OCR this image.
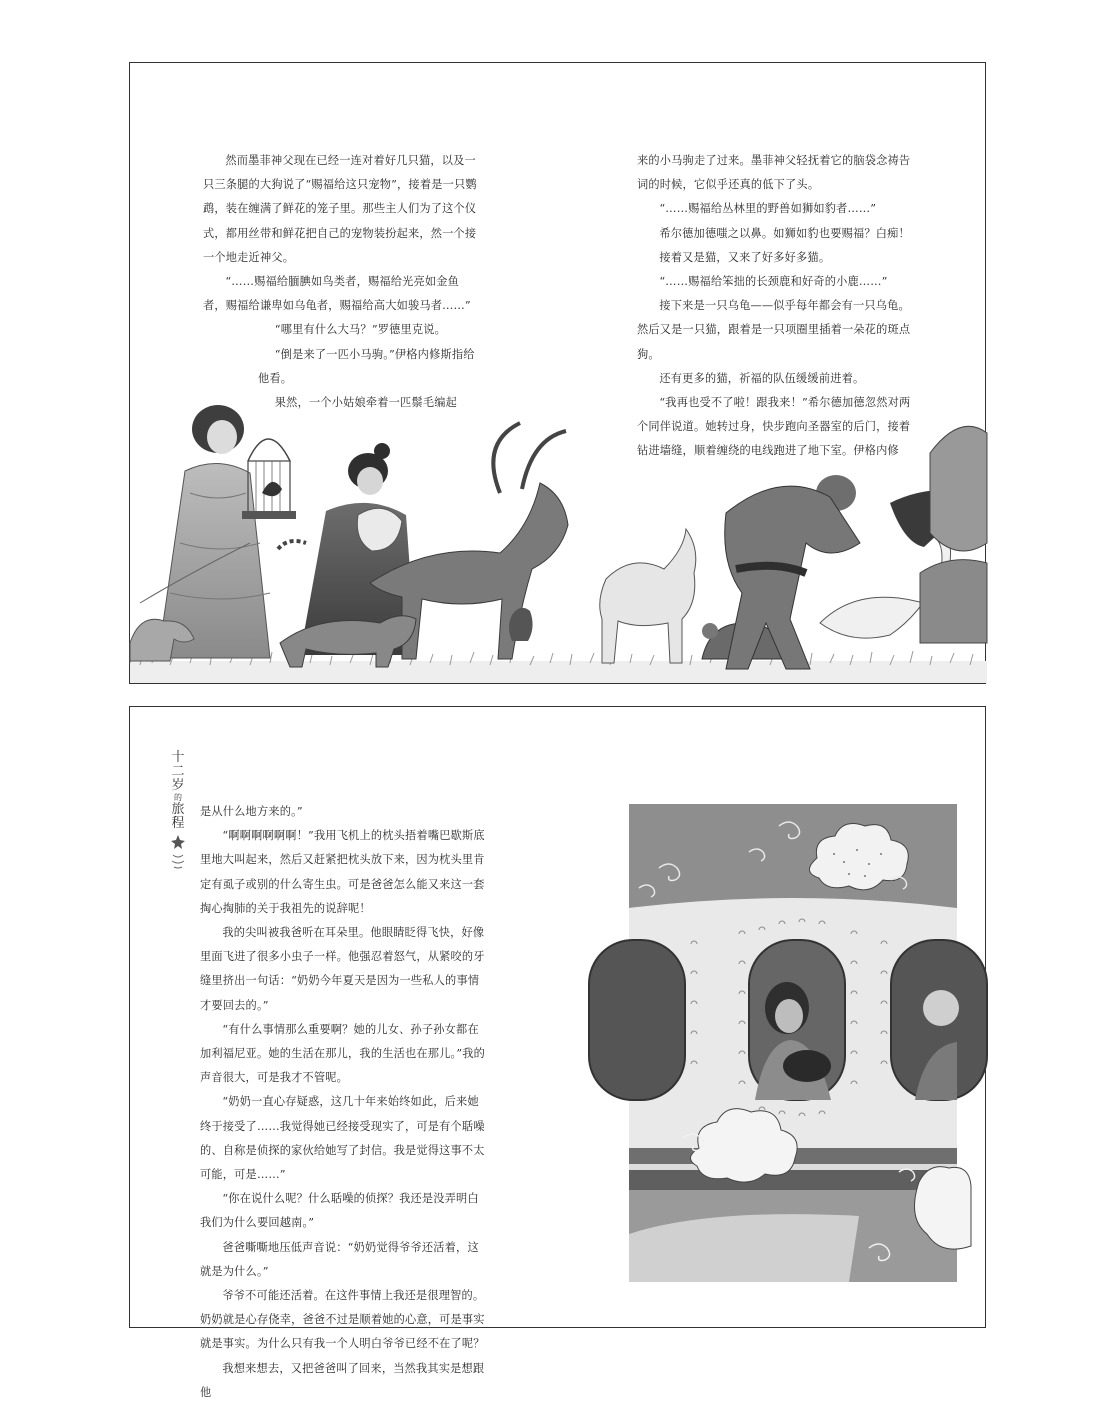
然而墨菲神父现在已经一连对着好几只猫，以及一只三条腿的大狗说了“赐福给这只宠物”，接着是一只鹦鹉，装在缠满了鲜花的笼子里。那些主人们为了这个仪式，都用丝带和鲜花把自己的宠物装扮起来，然一个接一个地走近神父。

“……赐福给腼腆如鸟类者，赐福给光亮如金鱼者，赐福给谦卑如乌龟者，赐福给高大如骏马者……”

“哪里有什么大马？”罗德里克说。

“倒是来了一匹小马驹。”伊格内修斯指给他看。

果然，一个小姑娘牵着一匹鬃毛编起

来的小马驹走了过来。墨菲神父轻抚着它的脑袋念祷告词的时候，它似乎还真的低下了头。

“……赐福给丛林里的野兽如狮如豹者……”

希尔德加德嗤之以鼻。如狮如豹也要赐福？白痴！

接着又是猫，又来了好多好多猫。

“……赐福给笨拙的长颈鹿和好奇的小鹿……”

接下来是一只乌龟——似乎每年都会有一只乌龟。然后又是一只猫，跟着是一只项圈里插着一朵花的斑点狗。

还有更多的猫，祈福的队伍缓缓前进着。

“我再也受不了啦！跟我来！”希尔德加德忽然对两个同伴说道。她转过身，快步跑向圣器室的后门，接着钻进墙缝，顺着缠绕的电线跑进了地下室。伊格内修

十二
岁
的
旅程

是从什么地方来的。”

“啊啊啊啊啊啊！”我用飞机上的枕头捂着嘴巴歇斯底里地大叫起来，然后又赶紧把枕头放下来，因为枕头里肯定有虱子或别的什么寄生虫。可是爸爸怎么能又来这一套掏心掏肺的关于我祖先的说辞呢！

我的尖叫被我爸听在耳朵里。他眼睛眨得飞快，好像里面飞进了很多小虫子一样。他强忍着怒气，从紧咬的牙缝里挤出一句话：“奶奶今年夏天是因为一些私人的事情才要回去的。”

“有什么事情那么重要啊？她的儿女、孙子孙女都在加利福尼亚。她的生活在那儿，我的生活也在那儿。”我的声音很大，可是我才不管呢。

“奶奶一直心存疑惑，这几十年来始终如此，后来她终于接受了……我觉得她已经接受现实了，可是有个聒噪的、自称是侦探的家伙给她写了封信。我是觉得这事不太可能，可是……”

“你在说什么呢？什么聒噪的侦探？我还是没弄明白我们为什么要回越南。”

爸爸嘶嘶地压低声音说：“奶奶觉得爷爷还活着，这就是为什么。”

爷爷不可能还活着。在这件事情上我还是很理智的。奶奶就是心存侥幸，爸爸不过是顺着她的心意，可是事实就是事实。为什么只有我一个人明白爷爷已经不在了呢？

我想来想去，又把爸爸叫了回来，当然我其实是想跟他
